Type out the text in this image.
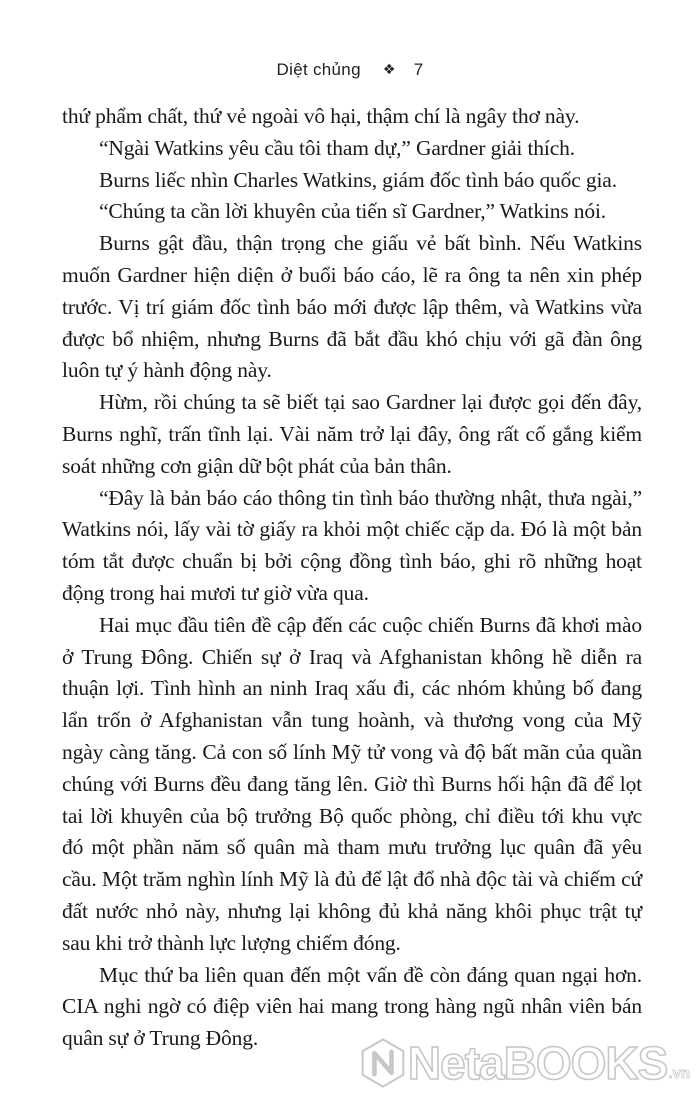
Diệt chủng ❖ 7

thứ phẩm chất, thứ vẻ ngoài vô hại, thậm chí là ngây thơ này.

“Ngài Watkins yêu cầu tôi tham dự,” Gardner giải thích.

Burns liếc nhìn Charles Watkins, giám đốc tình báo quốc gia.

“Chúng ta cần lời khuyên của tiến sĩ Gardner,” Watkins nói.

Burns gật đầu, thận trọng che giấu vẻ bất bình. Nếu Watkins muốn Gardner hiện diện ở buổi báo cáo, lẽ ra ông ta nên xin phép trước. Vị trí giám đốc tình báo mới được lập thêm, và Watkins vừa được bổ nhiệm, nhưng Burns đã bắt đầu khó chịu với gã đàn ông luôn tự ý hành động này.

Hừm, rồi chúng ta sẽ biết tại sao Gardner lại được gọi đến đây, Burns nghĩ, trấn tĩnh lại. Vài năm trở lại đây, ông rất cố gắng kiểm soát những cơn giận dữ bột phát của bản thân.

“Đây là bản báo cáo thông tin tình báo thường nhật, thưa ngài,” Watkins nói, lấy vài tờ giấy ra khỏi một chiếc cặp da. Đó là một bản tóm tắt được chuẩn bị bởi cộng đồng tình báo, ghi rõ những hoạt động trong hai mươi tư giờ vừa qua.

Hai mục đầu tiên đề cập đến các cuộc chiến Burns đã khơi mào ở Trung Đông. Chiến sự ở Iraq và Afghanistan không hề diễn ra thuận lợi. Tình hình an ninh Iraq xấu đi, các nhóm khủng bố đang lẩn trốn ở Afghanistan vẫn tung hoành, và thương vong của Mỹ ngày càng tăng. Cả con số lính Mỹ tử vong và độ bất mãn của quần chúng với Burns đều đang tăng lên. Giờ thì Burns hối hận đã để lọt tai lời khuyên của bộ trưởng Bộ quốc phòng, chỉ điều tới khu vực đó một phần năm số quân mà tham mưu trưởng lục quân đã yêu cầu. Một trăm nghìn lính Mỹ là đủ để lật đổ nhà độc tài và chiếm cứ đất nước nhỏ này, nhưng lại không đủ khả năng khôi phục trật tự sau khi trở thành lực lượng chiếm đóng.

Mục thứ ba liên quan đến một vấn đề còn đáng quan ngại hơn. CIA nghi ngờ có điệp viên hai mang trong hàng ngũ nhân viên bán quân sự ở Trung Đông.	NetaBOOKS .vn
